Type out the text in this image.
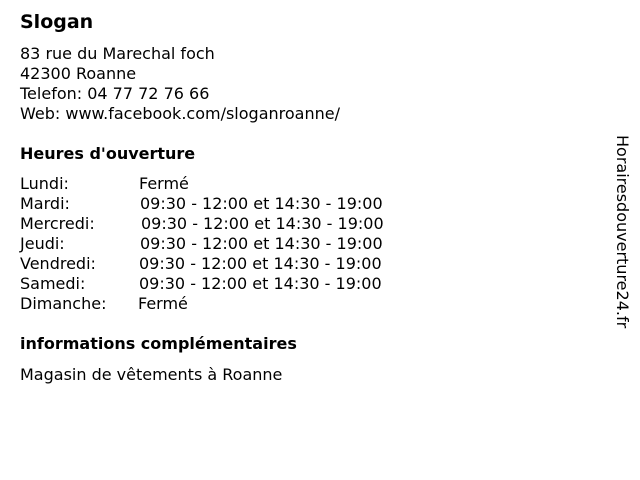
Slogan
83 rue du Marechal foch
42300 Roanne
Telefon: 04 77 72 76 66
Web: www.facebook.com/sloganroanne/
Heures d'ouverture
Lundi:	Fermé
Mardi:	09:30 - 12:00 et 14:30 - 19:00
Mercredi:	09:30 - 12:00 et 14:30 - 19:00
Jeudi:	09:30 - 12:00 et 14:30 - 19:00
Vendredi:	09:30 - 12:00 et 14:30 - 19:00
Samedi:	09:30 - 12:00 et 14:30 - 19:00
Dimanche: Fermé
informations complémentaires
Magasin de vêtements à Roanne
Horairesdouverture24.fr
